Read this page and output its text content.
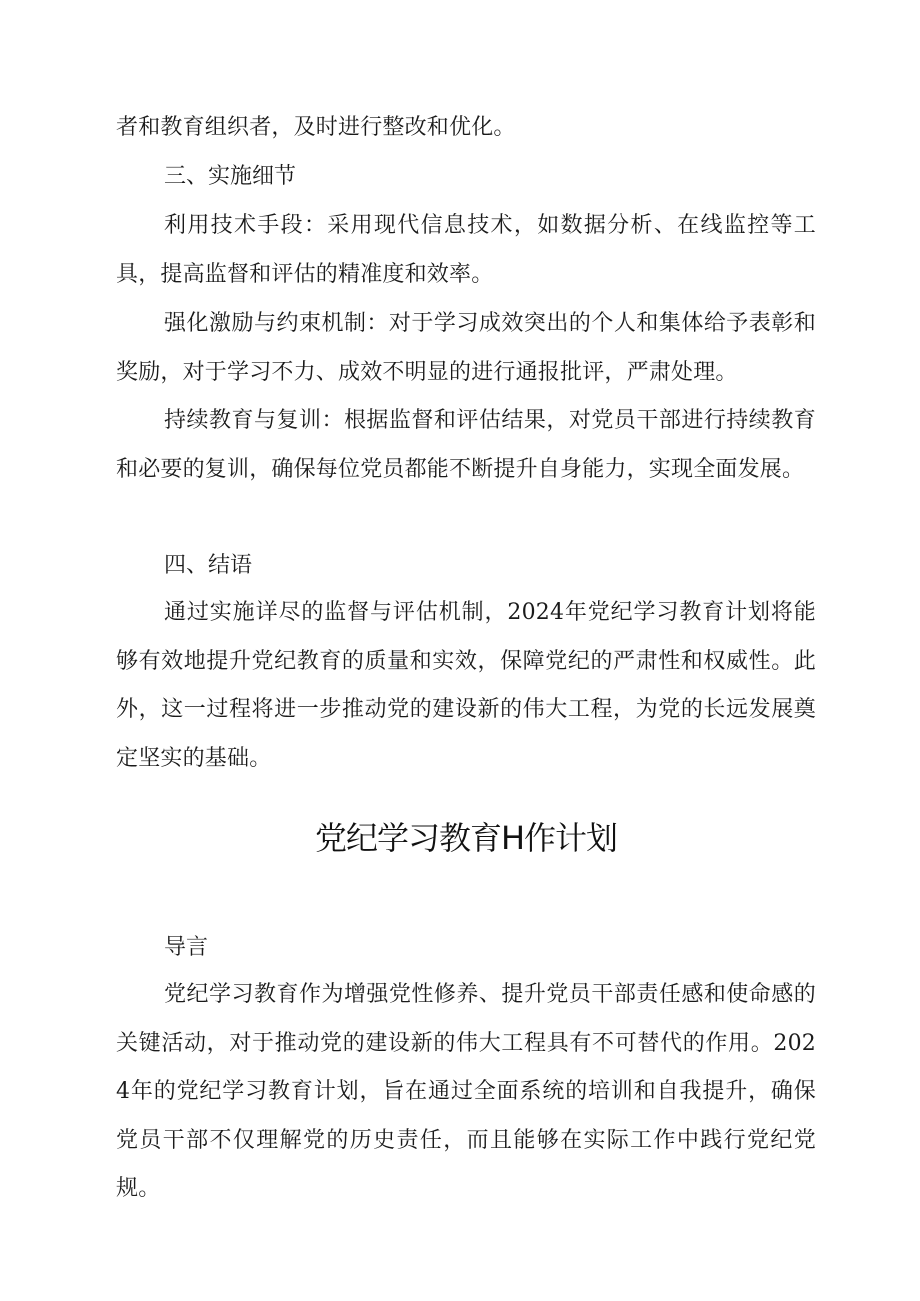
者和教育组织者，及时进行整改和优化。

三、实施细节

利用技术手段：采用现代信息技术，如数据分析、在线监控等工具，提高监督和评估的精准度和效率。

强化激励与约束机制：对于学习成效突出的个人和集体给予表彰和奖励，对于学习不力、成效不明显的进行通报批评，严肃处理。

持续教育与复训：根据监督和评估结果，对党员干部进行持续教育和必要的复训，确保每位党员都能不断提升自身能力，实现全面发展。

四、结语

通过实施详尽的监督与评估机制，2024年党纪学习教育计划将能够有效地提升党纪教育的质量和实效，保障党纪的严肃性和权威性。此外，这一过程将进一步推动党的建设新的伟大工程，为党的长远发展奠定坚实的基础。

党纪学习教育H作计划

导言

党纪学习教育作为增强党性修养、提升党员干部责任感和使命感的关键活动，对于推动党的建设新的伟大工程具有不可替代的作用。2024年的党纪学习教育计划，旨在通过全面系统的培训和自我提升，确保党员干部不仅理解党的历史责任，而且能够在实际工作中践行党纪党规。
